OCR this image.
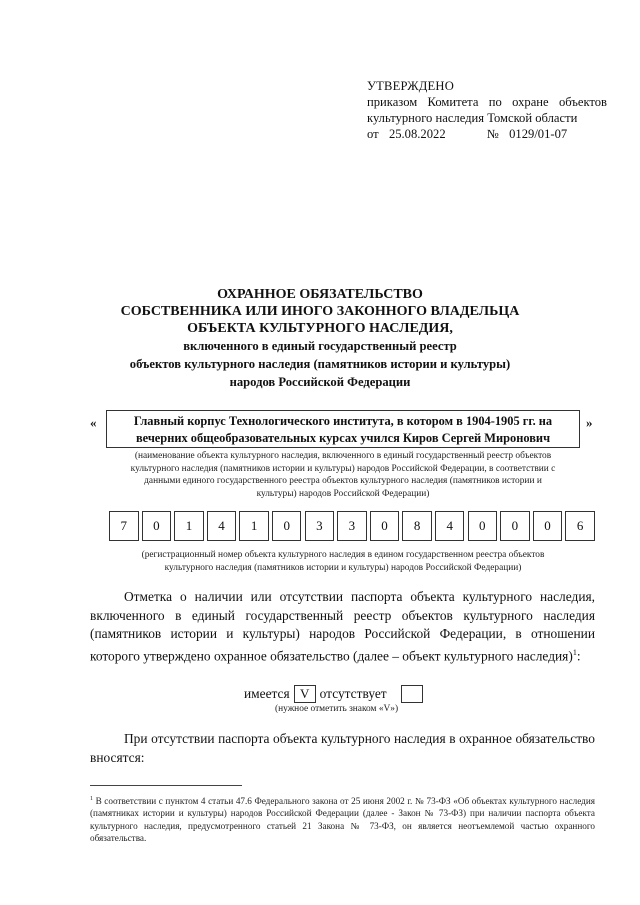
УТВЕРЖДЕНО
приказом Комитета по охране объектов
культурного наследия Томской области
от 25.08.2022	№ 0129/01-07
ОХРАННОЕ ОБЯЗАТЕЛЬСТВО
СОБСТВЕННИКА ИЛИ ИНОГО ЗАКОННОГО ВЛАДЕЛЬЦА
ОБЪЕКТА КУЛЬТУРНОГО НАСЛЕДИЯ,
включенного в единый государственный реестр
объектов культурного наследия (памятников истории и культуры)
народов Российской Федерации
«	Главный корпус Технологического института, в котором в 1904-1905 гг. на
вечерних общеобразовательных курсах учился Киров Сергей Миронович
»
(наименование объекта культурного наследия, включенного в единый государственный реестр объектов
культурного наследия (памятников истории и культуры) народов Российской Федерации, в соответствии с
данными единого государственного реестра объектов культурного наследия (памятников истории и
культуры) народов Российской Федерации)
7	0	1	4	1	0	3	3	0	8	4	0	0	0	6
(регистрационный номер объекта культурного наследия в едином государственном реестра объектов
культурного наследия (памятников истории и культуры) народов Российской Федерации)
Отметка о наличии или отсутствии паспорта объекта культурного наследия, включенного в единый государственный реестр объектов культурного наследия (памятников истории и культуры) народов Российской Федерации, в отношении которого утверждено охранное обязательство (далее – объект культурного наследия)$^1$:
имеется V отсутствует
(нужное отметить знаком «V»)
При отсутствии паспорта объекта культурного наследия в охранное обязательство вносятся:
$^1$ В соответствии с пунктом 4 статьи 47.6 Федерального закона от 25 июня 2002 г. № 73-ФЗ «Об объектах культурного наследия (памятниках истории и культуры) народов Российской Федерации (далее - Закон № 73-ФЗ) при наличии паспорта объекта культурного наследия, предусмотренного статьей 21 Закона № 73-ФЗ, он является неотъемлемой частью охранного обязательства.
